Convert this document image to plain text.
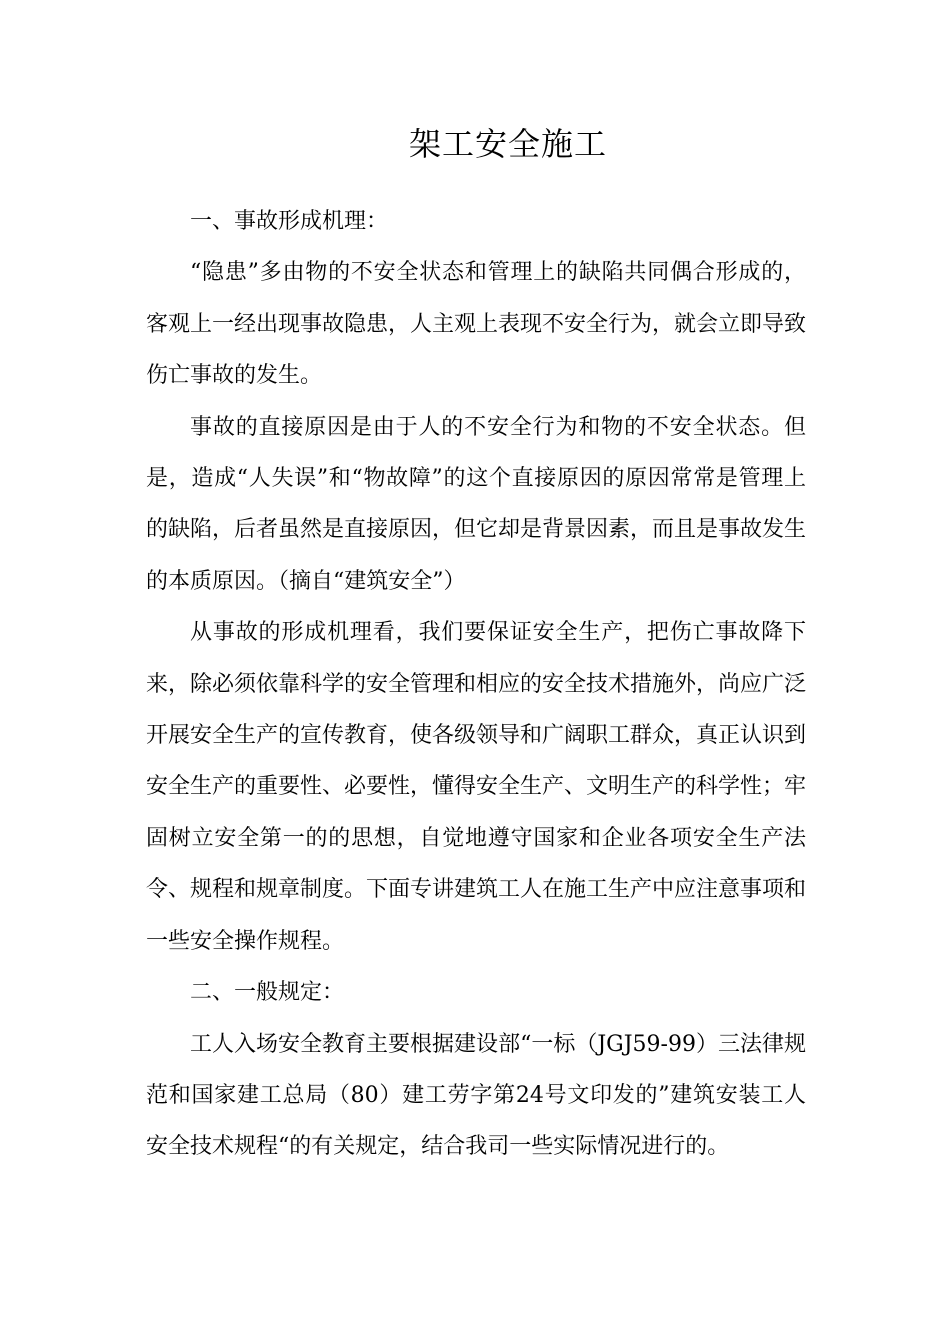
架工安全施工

一、事故形成机理：

“隐患”多由物的不安全状态和管理上的缺陷共同偶合形成的，客观上一经出现事故隐患，人主观上表现不安全行为，就会立即导致伤亡事故的发生。

事故的直接原因是由于人的不安全行为和物的不安全状态。但是，造成“人失误”和“物故障”的这个直接原因的原因常常是管理上的缺陷，后者虽然是直接原因，但它却是背景因素，而且是事故发生的本质原因。（摘自“建筑安全”）

从事故的形成机理看，我们要保证安全生产，把伤亡事故降下来，除必须依靠科学的安全管理和相应的安全技术措施外，尚应广泛开展安全生产的宣传教育，使各级领导和广阔职工群众，真正认识到安全生产的重要性、必要性，懂得安全生产、文明生产的科学性；牢固树立安全第一的的思想，自觉地遵守国家和企业各项安全生产法令、规程和规章制度。下面专讲建筑工人在施工生产中应注意事项和一些安全操作规程。

二、一般规定：

工人入场安全教育主要根据建设部“一标（JGJ59-99）三法律规范和国家建工总局（80）建工劳字第24号文印发的”建筑安装工人安全技术规程“的有关规定，结合我司一些实际情况进行的。
